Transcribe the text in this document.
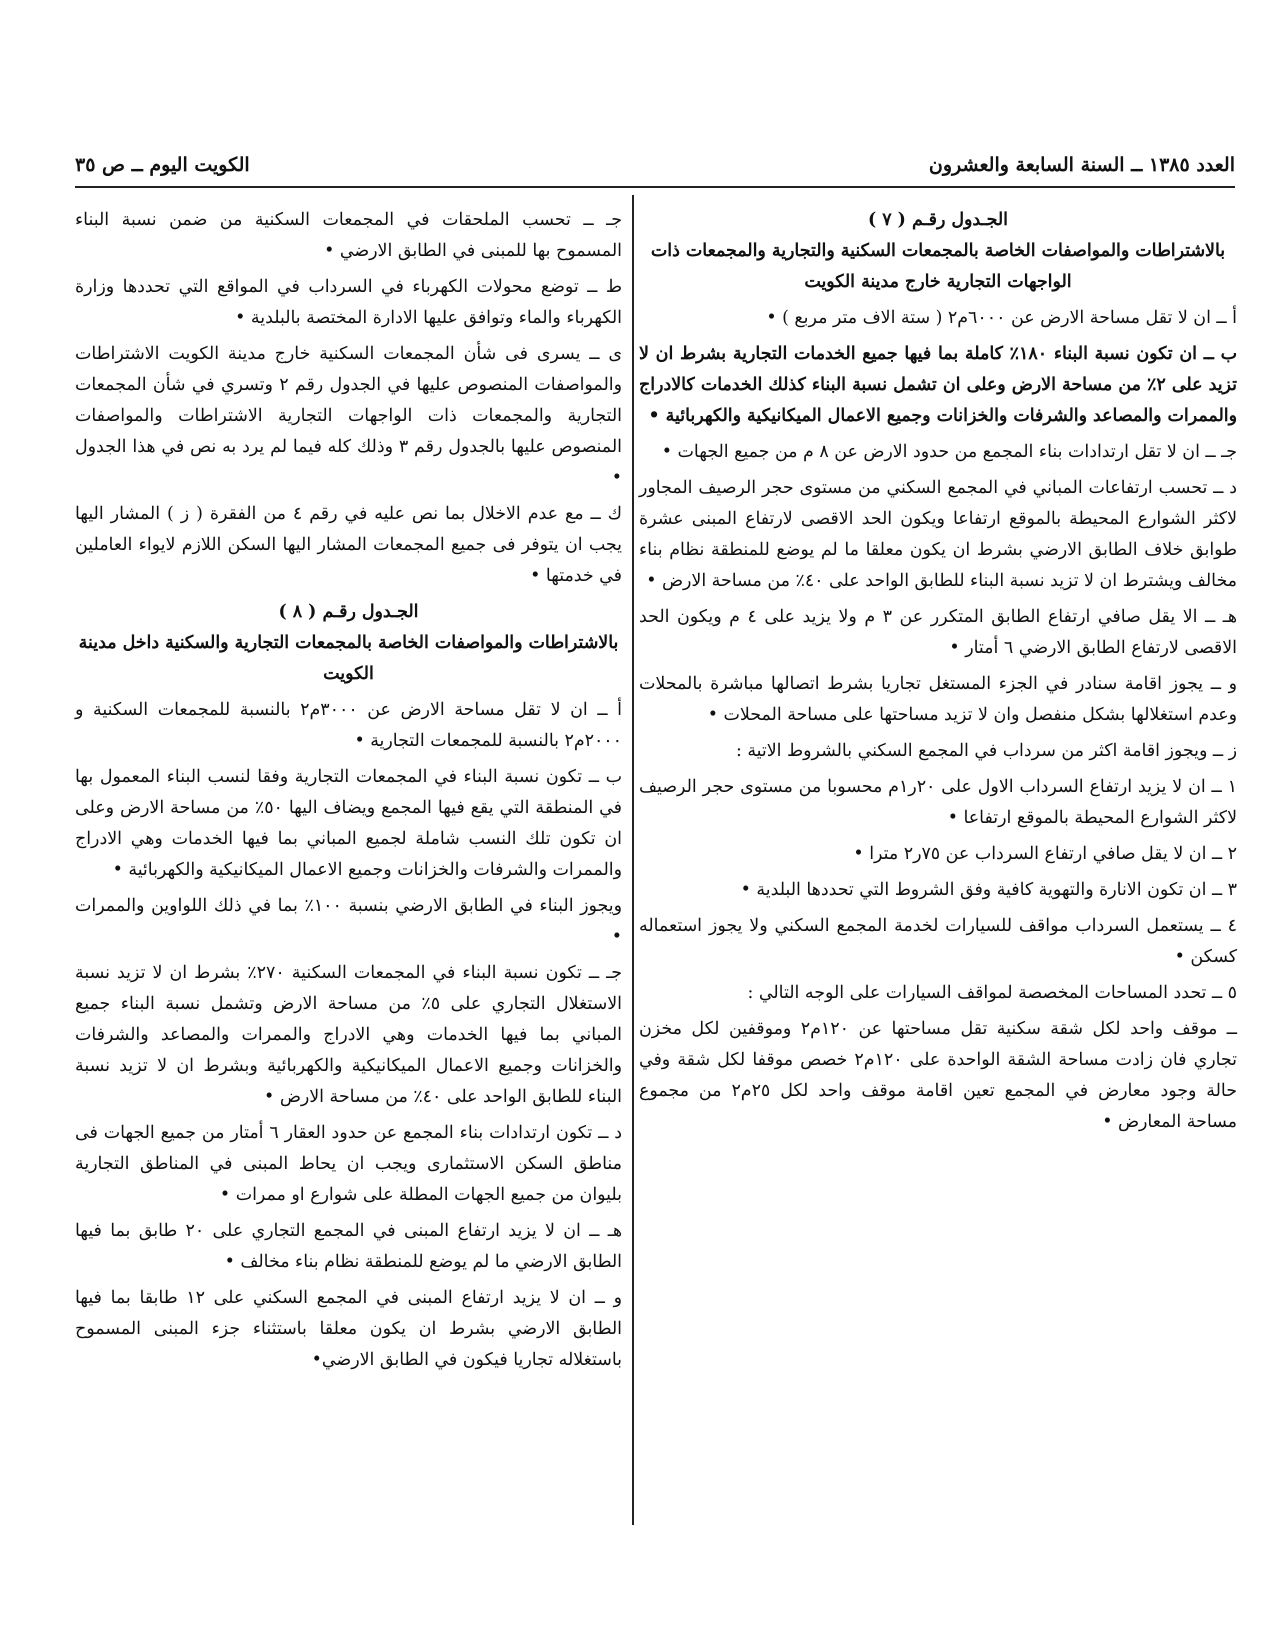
العدد ١٣٨٥ ــ السنة السابعة والعشرون
الكويت اليوم ــ ص ٣٥
الجـدول رقـم ( ٧ )

بالاشتراطات والمواصفات الخاصة بالمجمعات السكنية والتجارية والمجمعات ذات الواجهات التجارية خارج مدينة الكويت

أ ــ ان لا تقل مساحة الارض عن ٦٠٠٠م٢ ( ستة الاف متر مربع ) •

ب ــ ان تكون نسبة البناء ١٨٠٪ كاملة بما فيها جميع الخدمات التجارية بشرط ان لا تزيد على ٢٪ من مساحة الارض وعلى ان تشمل نسبة البناء كذلك الخدمات كالادراج والممرات والمصاعد والشرفات والخزانات وجميع الاعمال الميكانيكية والكهربائية •

جـ ــ ان لا تقل ارتدادات بناء المجمع من حدود الارض عن ٨ م من جميع الجهات •

د ــ تحسب ارتفاعات المباني في المجمع السكني من مستوى حجر الرصيف المجاور لاكثر الشوارع المحيطة بالموقع ارتفاعا ويكون الحد الاقصى لارتفاع المبنى عشرة طوابق خلاف الطابق الارضي بشرط ان يكون معلقا ما لم يوضع للمنطقة نظام بناء مخالف ويشترط ان لا تزيد نسبة البناء للطابق الواحد على ٤٠٪ من مساحة الارض •

هـ ــ الا يقل صافي ارتفاع الطابق المتكرر عن ٣ م ولا يزيد على ٤ م ويكون الحد الاقصى لارتفاع الطابق الارضي ٦ أمتار •

و ــ يجوز اقامة سنادر في الجزء المستغل تجاريا بشرط اتصالها مباشرة بالمحلات وعدم استغلالها بشكل منفصل وان لا تزيد مساحتها على مساحة المحلات •

ز ــ ويجوز اقامة اكثر من سرداب في المجمع السكني بالشروط الاتية :

١ ــ ان لا يزيد ارتفاع السرداب الاول على ٢٠ر١م محسوبا من مستوى حجر الرصيف لاكثر الشوارع المحيطة بالموقع ارتفاعا •

٢ ــ ان لا يقل صافي ارتفاع السرداب عن ٧٥ر٢ مترا •

٣ ــ ان تكون الانارة والتهوية كافية وفق الشروط التي تحددها البلدية •

٤ ــ يستعمل السرداب مواقف للسيارات لخدمة المجمع السكني ولا يجوز استعماله كسكن •

٥ ــ تحدد المساحات المخصصة لمواقف السيارات على الوجه التالي :

ــ موقف واحد لكل شقة سكنية تقل مساحتها عن ١٢٠م٢ وموقفين لكل مخزن تجاري فان زادت مساحة الشقة الواحدة على ١٢٠م٢ خصص موقفا لكل شقة وفي حالة وجود معارض في المجمع تعين اقامة موقف واحد لكل ٢٥م٢ من مجموع مساحة المعارض •

جـ ــ تحسب الملحقات في المجمعات السكنية من ضمن نسبة البناء المسموح بها للمبنى في الطابق الارضي •

ط ــ توضع محولات الكهرباء في السرداب في المواقع التي تحددها وزارة الكهرباء والماء وتوافق عليها الادارة المختصة بالبلدية •

ى ــ يسرى فى شأن المجمعات السكنية خارج مدينة الكويت الاشتراطات والمواصفات المنصوص عليها في الجدول رقم ٢ وتسري في شأن المجمعات التجارية والمجمعات ذات الواجهات التجارية الاشتراطات والمواصفات المنصوص عليها بالجدول رقم ٣ وذلك كله فيما لم يرد به نص في هذا الجدول •

ك ــ مع عدم الاخلال بما نص عليه في رقم ٤ من الفقرة ( ز ) المشار اليها يجب ان يتوفر فى جميع المجمعات المشار اليها السكن اللازم لايواء العاملين في خدمتها •

الجـدول رقـم ( ٨ )

بالاشتراطات والمواصفات الخاصة بالمجمعات التجارية والسكنية داخل مدينة الكويت

أ ــ ان لا تقل مساحة الارض عن ٣٠٠٠م٢ بالنسبة للمجمعات السكنية و ٢٠٠٠م٢ بالنسبة للمجمعات التجارية •

ب ــ تكون نسبة البناء في المجمعات التجارية وفقا لنسب البناء المعمول بها في المنطقة التي يقع فيها المجمع ويضاف اليها ٥٠٪ من مساحة الارض وعلى ان تكون تلك النسب شاملة لجميع المباني بما فيها الخدمات وهي الادراج والممرات والشرفات والخزانات وجميع الاعمال الميكانيكية والكهربائية •

ويجوز البناء في الطابق الارضي بنسبة ١٠٠٪ بما في ذلك اللواوين والممرات •

جـ ــ تكون نسبة البناء في المجمعات السكنية ٢٧٠٪ بشرط ان لا تزيد نسبة الاستغلال التجاري على ٥٪ من مساحة الارض وتشمل نسبة البناء جميع المباني بما فيها الخدمات وهي الادراج والممرات والمصاعد والشرفات والخزانات وجميع الاعمال الميكانيكية والكهربائية وبشرط ان لا تزيد نسبة البناء للطابق الواحد على ٤٠٪ من مساحة الارض •

د ــ تكون ارتدادات بناء المجمع عن حدود العقار ٦ أمتار من جميع الجهات فى مناطق السكن الاستثمارى ويجب ان يحاط المبنى في المناطق التجارية بليوان من جميع الجهات المطلة على شوارع او ممرات •

هـ ــ ان لا يزيد ارتفاع المبنى في المجمع التجاري على ٢٠ طابق بما فيها الطابق الارضي ما لم يوضع للمنطقة نظام بناء مخالف •

و ــ ان لا يزيد ارتفاع المبنى في المجمع السكني على ١٢ طابقا بما فيها الطابق الارضي بشرط ان يكون معلقا باستثناء جزء المبنى المسموح باستغلاله تجاريا فيكون في الطابق الارضي•
